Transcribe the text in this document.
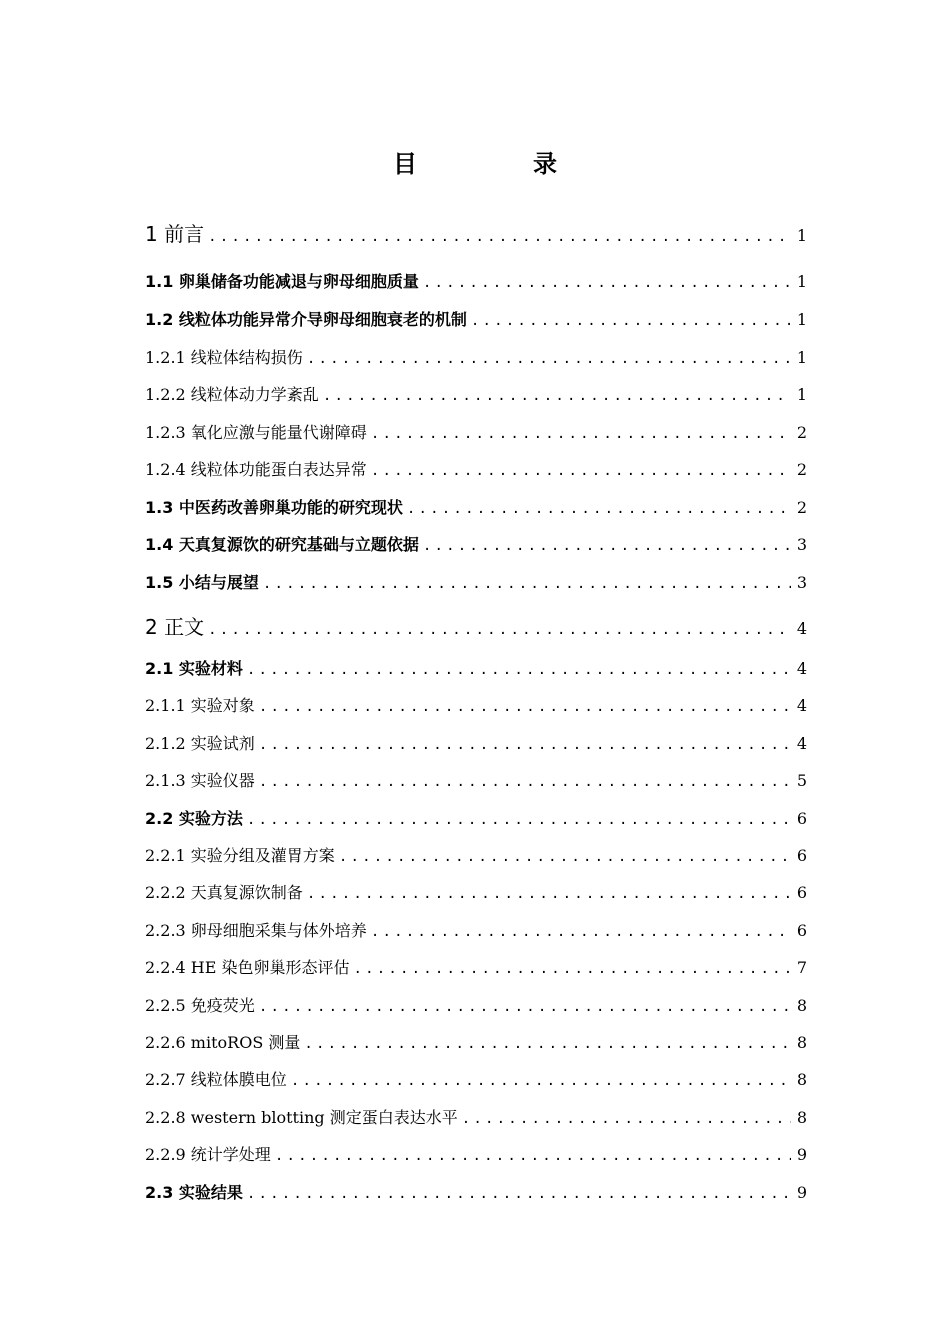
目　录
1 前言 .....	1
1.1 卵巢储备功能减退与卵母细胞质量 .....	1
1.2 线粒体功能异常介导卵母细胞衰老的机制 .....	1
1.2.1 线粒体结构损伤 .....	1
1.2.2 线粒体动力学紊乱 .....	1
1.2.3 氧化应激与能量代谢障碍 .....	2
1.2.4 线粒体功能蛋白表达异常 .....	2
1.3 中医药改善卵巢功能的研究现状 .....	2
1.4 天真复源饮的研究基础与立题依据 .....	3
1.5 小结与展望 .....	3
2 正文 .....	4
2.1 实验材料 .....	4
2.1.1 实验对象 .....	4
2.1.2 实验试剂 .....	4
2.1.3 实验仪器 .....	5
2.2 实验方法 .....	6
2.2.1 实验分组及灌胃方案 .....	6
2.2.2 天真复源饮制备 .....	6
2.2.3 卵母细胞采集与体外培养 .....	6
2.2.4 HE 染色卵巢形态评估 .....	7
2.2.5 免疫荧光 .....	8
2.2.6 mitoROS 测量 .....	8
2.2.7 线粒体膜电位 .....	8
2.2.8 western blotting 测定蛋白表达水平 .....	8
2.2.9 统计学处理 .....	9
2.3 实验结果 .....	9
